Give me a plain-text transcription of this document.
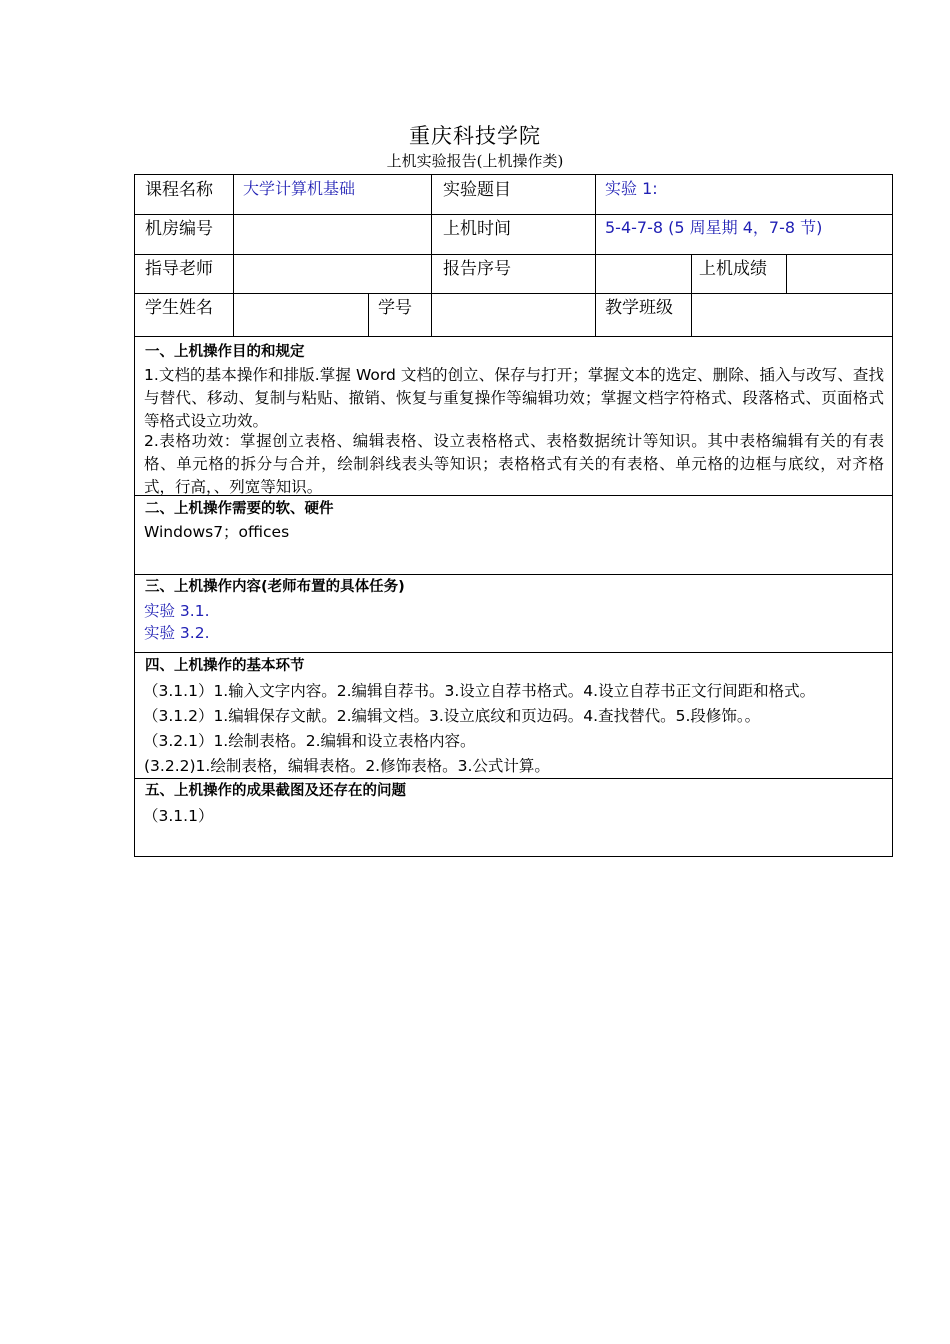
重庆科技学院
上机实验报告(上机操作类)
课程名称 大学计算机基础	实验题目	实验 1:
机房编号	上机时间	5-4-7-8 (5 周星期 4，7-8 节)
指导老师	报告序号	上机成绩
学生姓名	学号	教学班级
一、上机操作目的和规定
1.文档的基本操作和排版.掌握 Word 文档的创立、保存与打开；掌握文本的选定、删除、插入与改写、查找与替代、移动、复制与粘贴、撤销、恢复与重复操作等编辑功效；掌握文档字符格式、段落格式、页面格式等格式设立功效。
2.表格功效：掌握创立表格、编辑表格、设立表格格式、表格数据统计等知识。其中表格编辑有关的有表格、单元格的拆分与合并，绘制斜线表头等知识；表格格式有关的有表格、单元格的边框与底纹，对齐格式，行高，、列宽等知识。
二、上机操作需要的软、硬件
Windows7；offices
三、上机操作内容(老师布置的具体任务)
实验 3.1.
实验 3.2.
四、上机操作的基本环节
（3.1.1）1.输入文字内容。2.编辑自荐书。3.设立自荐书格式。4.设立自荐书正文行间距和格式。
（3.1.2）1.编辑保存文献。2.编辑文档。3.设立底纹和页边码。4.查找替代。5.段修饰。。
（3.2.1）1.绘制表格。2.编辑和设立表格内容。
(3.2.2)1.绘制表格，编辑表格。2.修饰表格。3.公式计算。
五、上机操作的成果截图及还存在的问题
（3.1.1）
